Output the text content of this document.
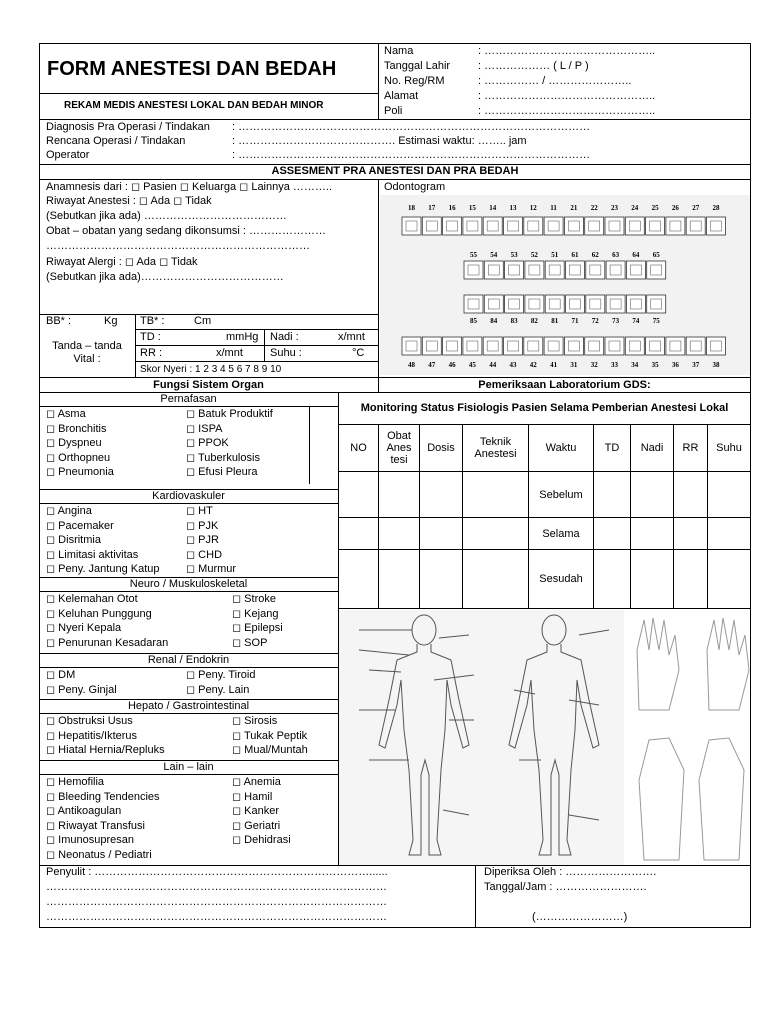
FORM ANESTESI DAN BEDAH
REKAM MEDIS ANESTESI LOKAL DAN BEDAH MINOR
Nama	: ………………………………………..
Tanggal Lahir	: ……………… ( L / P )
No. Reg/RM	: …………… / …………………..
Alamat	: ………………………………………..
Poli	: ………………………………………..
Diagnosis Pra Operasi / Tindakan : ……………………………………………………………………………………
Rencana Operasi / Tindakan	: ……………………………………. Estimasi waktu: …….. jam
Operator	: ……………………………………………………………………………………
ASSESMENT PRA ANESTESI DAN PRA BEDAH
Anamnesis dari : ◻ Pasien ◻ Keluarga ◻ Lainnya ………..
Riwayat Anestesi : ◻ Ada ◻ Tidak
(Sebutkan jika ada) …………………………………
Obat – obatan yang sedang dikonsumsi : …………………
………………………………………………………………
Riwayat Alergi : ◻ Ada ◻ Tidak
(Sebutkan jika ada)…………………………………
Odontogram
18 17 16 15 14 13 12 11 21 22 23 24 25 26 27 28
55 54 53 52 51 61 62 63 64 65
85 84 83 82 81 71 72 73 74 75
48 47 46 45 44 43 42 41 31 32 33 34 35 36 37 38
BB* :	Kg TB* :	Cm
Tanda – tanda Vital :
TD :	mmHg Nadi :	x/mnt
RR :	x/mnt Suhu :	°C
Skor Nyeri : 1 2 3 4 5 6 7 8 9 10
Fungsi Sistem Organ	Pemeriksaan Laboratorium GDS:
Pernafasan
◻ Asma
◻ Bronchitis
◻ Dyspneu
◻ Orthopneu
◻ Pneumonia
◻ Batuk Produktif
◻ ISPA
◻ PPOK
◻ Tuberkulosis
◻ Efusi Pleura
Kardiovaskuler
◻ Angina
◻ Pacemaker
◻ Disritmia
◻ Limitasi aktivitas
◻ Peny. Jantung Katup
◻ HT
◻ PJK
◻ PJR
◻ CHD
◻ Murmur
Neuro / Muskuloskeletal
◻ Kelemahan Otot
◻ Keluhan Punggung
◻ Nyeri Kepala
◻ Penurunan Kesadaran
◻ Stroke
◻ Kejang
◻ Epilepsi
◻ SOP
Renal / Endokrin
◻ DM
◻ Peny. Ginjal
◻ Peny. Tiroid
◻ Peny. Lain
Hepato / Gastrointestinal
◻ Obstruksi Usus
◻ Hepatitis/Ikterus
◻ Hiatal Hernia/Repluks
◻ Sirosis
◻ Tukak Peptik
◻ Mual/Muntah
Lain – lain
◻ Hemofilia
◻ Bleeding Tendencies
◻ Antikoagulan
◻ Riwayat Transfusi
◻ Imunosupresan
◻ Neonatus / Pediatri
◻ Anemia
◻ Hamil
◻ Kanker
◻ Geriatri
◻ Dehidrasi
Monitoring Status Fisiologis Pasien Selama Pemberian Anestesi Lokal
NO	Obat Anes tesi	Dosis	Teknik Anestesi	Waktu	TD	Nadi	RR	Suhu
				Sebelum				
				Selama				
				Sesudah				
Penyulit : …………………………………………………………………......
…………………………………………………………………………………
…………………………………………………………………………………
…………………………………………………………………………………
Diperiksa Oleh : …………………….
Tanggal/Jam : …………………….
(……………………)
